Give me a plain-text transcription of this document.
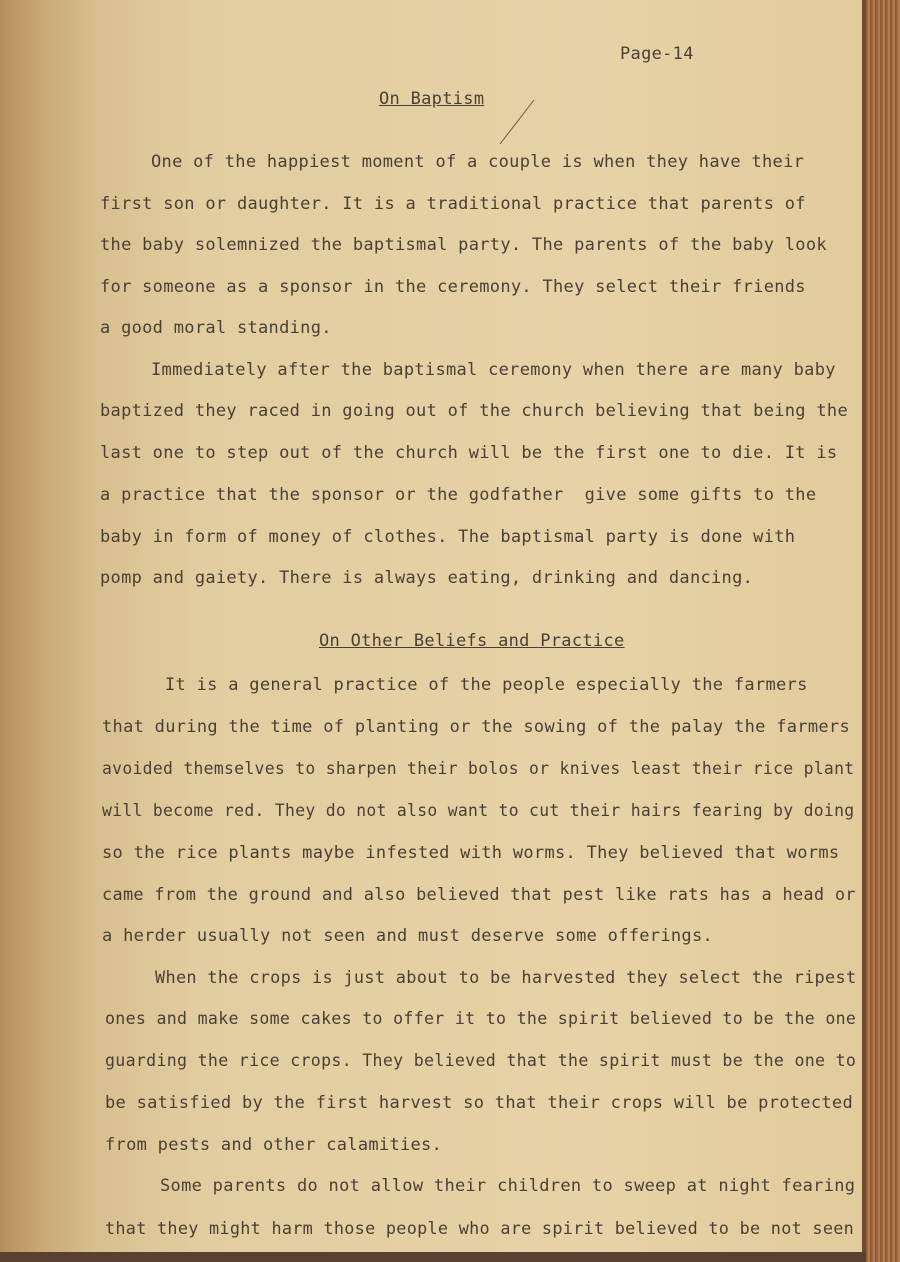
Page-14
On Baptism
One of the happiest moment of a couple is when they have their
first son or daughter. It is a traditional practice that parents of
the baby solemnized the baptismal party. The parents of the baby look
for someone as a sponsor in the ceremony. They select their friends
a good moral standing.
Immediately after the baptismal ceremony when there are many baby
baptized they raced in going out of the church believing that being the
last one to step out of the church will be the first one to die. It is
a practice that the sponsor or the godfather  give some gifts to the
baby in form of money of clothes. The baptismal party is done with
pomp and gaiety. There is always eating, drinking and dancing.
On Other Beliefs and Practice
It is a general practice of the people especially the farmers
that during the time of planting or the sowing of the palay the farmers
avoided themselves to sharpen their bolos or knives least their rice plant
will become red. They do not also want to cut their hairs fearing by doing
so the rice plants maybe infested with worms. They believed that worms
came from the ground and also believed that pest like rats has a head or
a herder usually not seen and must deserve some offerings.
When the crops is just about to be harvested they select the ripest
ones and make some cakes to offer it to the spirit believed to be the one
guarding the rice crops. They believed that the spirit must be the one to
be satisfied by the first harvest so that their crops will be protected
from pests and other calamities.
Some parents do not allow their children to sweep at night fearing
that they might harm those people who are spirit believed to be not seen
